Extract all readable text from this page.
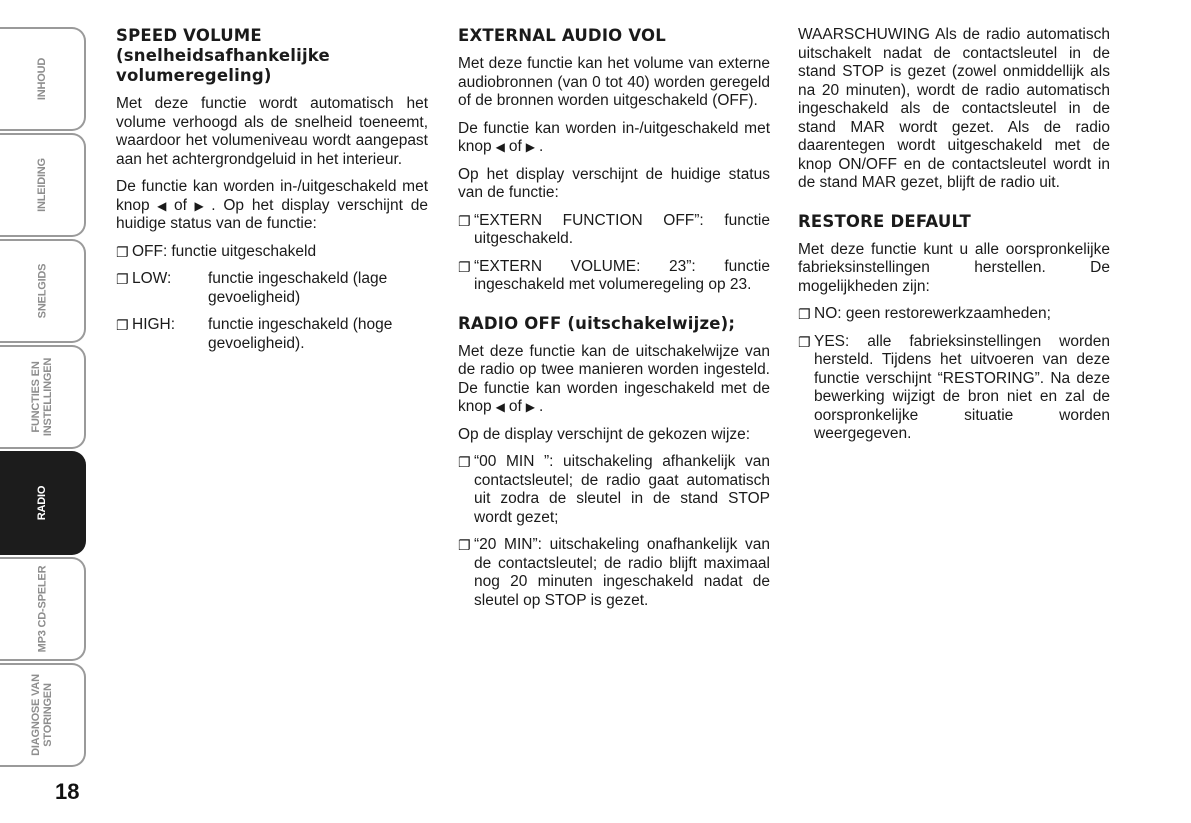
INHOUD
INLEIDING
SNELGIDS
FUNCTIES EN INSTELLINGEN
RADIO
MP3 CD-SPELER
DIAGNOSE VAN STORINGEN
18
SPEED VOLUME (snelheidsafhankelijke volumeregeling)

Met deze functie wordt automatisch het volume verhoogd als de snelheid toeneemt, waardoor het volumeniveau wordt aangepast aan het achtergrondgeluid in het interieur.

De functie kan worden in-/uitgeschakeld met knop ◀ of ▶ . Op het display verschijnt de huidige status van de functie:

❐ OFF: functie uitgeschakeld
❐ LOW:	functie ingeschakeld (lage gevoeligheid)
❐ HIGH:	functie ingeschakeld (hoge gevoeligheid).
EXTERNAL AUDIO VOL

Met deze functie kan het volume van externe audiobronnen (van 0 tot 40) worden geregeld of de bronnen worden uitgeschakeld (OFF).

De functie kan worden in-/uitgeschakeld met knop ◀ of ▶ .

Op het display verschijnt de huidige status van de functie:

❐ “EXTERN FUNCTION OFF”: functie uitgeschakeld.
❐ “EXTERN VOLUME: 23”: functie ingeschakeld met volumeregeling op 23.
RADIO OFF (uitschakelwijze);

Met deze functie kan de uitschakelwijze van de radio op twee manieren worden ingesteld. De functie kan worden ingeschakeld met de knop ◀ of ▶ .

Op de display verschijnt de gekozen wijze:

❐ “00 MIN ”: uitschakeling afhankelijk van contactsleutel; de radio gaat automatisch uit zodra de sleutel in de stand STOP wordt gezet;
❐ “20 MIN”: uitschakeling onafhankelijk van de contactsleutel; de radio blijft maximaal nog 20 minuten ingeschakeld nadat de sleutel op STOP is gezet.

WAARSCHUWING Als de radio automatisch uitschakelt nadat de contactsleutel in de stand STOP is gezet (zowel onmiddellijk als na 20 minuten), wordt de radio automatisch ingeschakeld als de contactsleutel in de stand MAR wordt gezet. Als de radio daarentegen wordt uitgeschakeld met de knop ON/OFF en de contactsleutel wordt in de stand MAR gezet, blijft de radio uit.

RESTORE DEFAULT

Met deze functie kunt u alle oorspronkelijke fabrieksinstellingen herstellen. De mogelijkheden zijn:

❐ NO: geen restorewerkzaamheden;
❐ YES: alle fabrieksinstellingen worden hersteld. Tijdens het uitvoeren van deze functie verschijnt “RESTORING”. Na deze bewerking wijzigt de bron niet en zal de oorspronkelijke situatie worden weergegeven.
